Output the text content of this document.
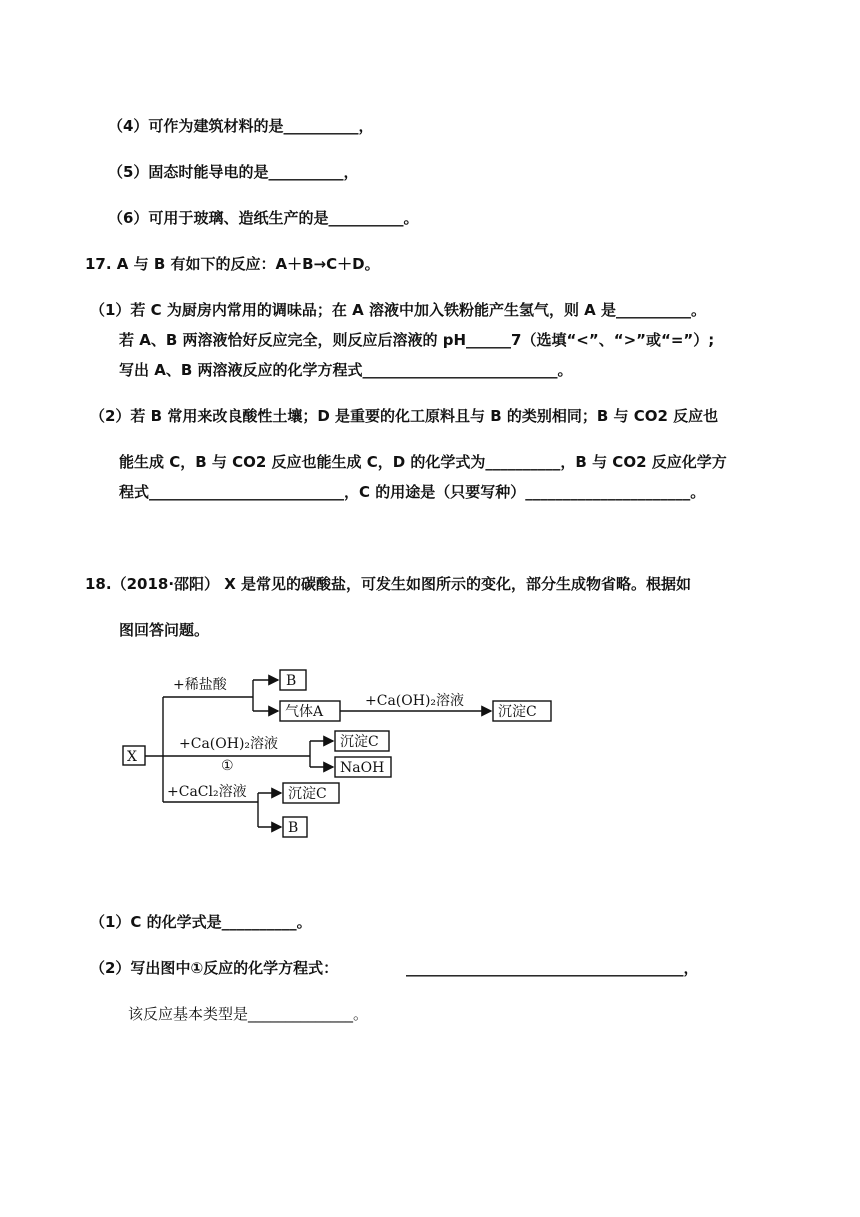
（4）可作为建筑材料的是__________，
（5）固态时能导电的是__________，
（6）可用于玻璃、造纸生产的是__________。
17. A 与 B 有如下的反应：A＋B→C＋D。
（1）若 C 为厨房内常用的调味品；在 A 溶液中加入铁粉能产生氢气，则 A 是__________。
若 A、B 两溶液恰好反应完全，则反应后溶液的 pH______7（选填“<”、“>”或“=”）;
写出 A、B 两溶液反应的化学方程式__________________________。
（2）若 B 常用来改良酸性土壤；D 是重要的化工原料且与 B 的类别相同；B 与 CO2 反应也
能生成 C，B 与 CO2 反应也能生成 C，D 的化学式为__________，B 与 CO2 反应化学方
程式__________________________，C 的用途是（只要写种）______________________。
18.（2018·邵阳） X 是常见的碳酸盐，可发生如图所示的变化，部分生成物省略。根据如
图回答问题。
X
+稀盐酸	B
气体A
+Ca(OH)₂溶液
沉淀C
+Ca(OH)₂溶液
①
沉淀C
NaOH
+CaCl₂溶液	沉淀C
B
（1）C 的化学式是__________。
（2）写出图中①反应的化学方程式：	_____________________________________，
该反应基本类型是______________。
